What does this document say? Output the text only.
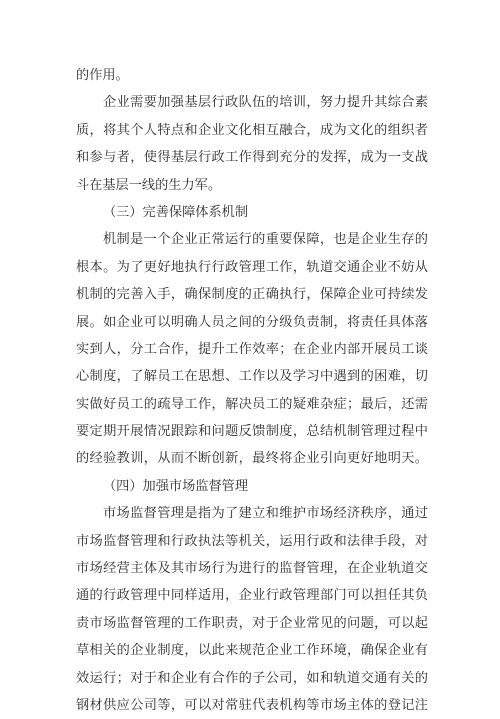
的作用。
企业需要加强基层行政队伍的培训，努力提升其综合素
质，将其个人特点和企业文化相互融合，成为文化的组织者
和参与者，使得基层行政工作得到充分的发挥，成为一支战
斗在基层一线的生力军。
（三）完善保障体系机制
机制是一个企业正常运行的重要保障，也是企业生存的
根本。为了更好地执行行政管理工作，轨道交通企业不妨从
机制的完善入手，确保制度的正确执行，保障企业可持续发
展。如企业可以明确人员之间的分级负责制，将责任具体落
实到人，分工合作，提升工作效率；在企业内部开展员工谈
心制度，了解员工在思想、工作以及学习中遇到的困难，切
实做好员工的疏导工作，解决员工的疑难杂症；最后，还需
要定期开展情况跟踪和问题反馈制度，总结机制管理过程中
的经验教训，从而不断创新，最终将企业引向更好地明天。
（四）加强市场监督管理
市场监督管理是指为了建立和维护市场经济秩序，通过
市场监督管理和行政执法等机关，运用行政和法律手段，对
市场经营主体及其市场行为进行的监督管理，在企业轨道交
通的行政管理中同样适用，企业行政管理部门可以担任其负
责市场监督管理的工作职责，对于企业常见的问题，可以起
草相关的企业制度，以此来规范企业工作环境，确保企业有
效运行；对于和企业有合作的子公司，如和轨道交通有关的
钢材供应公司等，可以对常驻代表机构等市场主体的登记注
